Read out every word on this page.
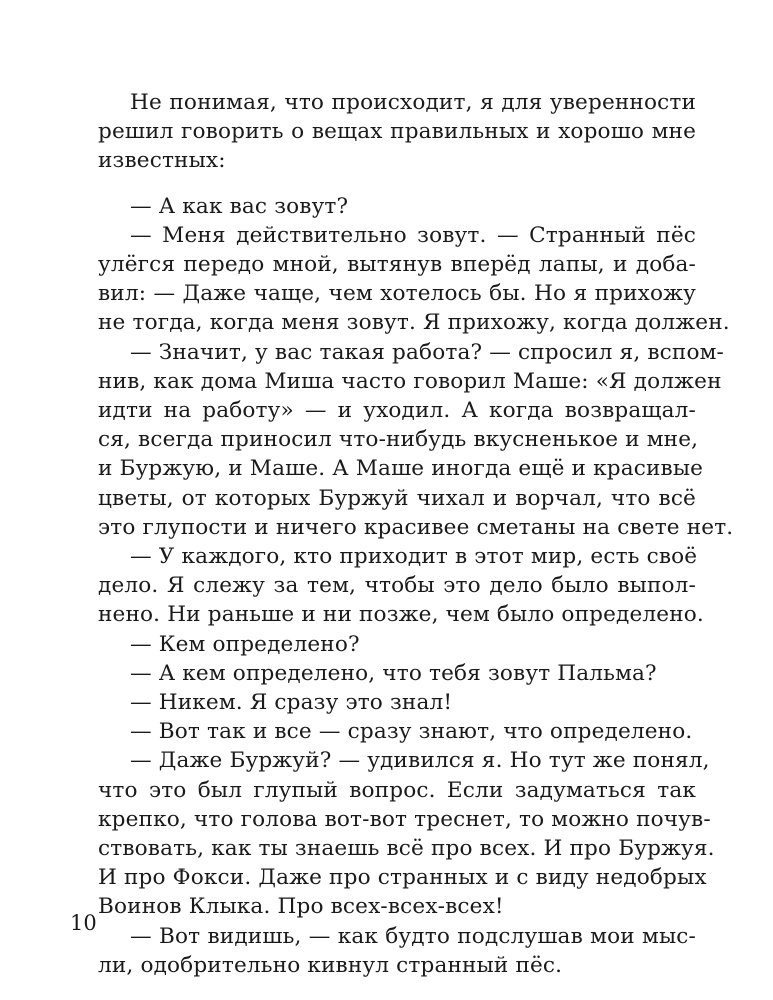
Не понимая, что происходит, я для уверенности
решил говорить о вещах правильных и хорошо мне
известных:

— А как вас зовут?

— Меня действительно зовут. — Странный пёс
улёгся передо мной, вытянув вперёд лапы, и доба-
вил: — Даже чаще, чем хотелось бы. Но я прихожу
не тогда, когда меня зовут. Я прихожу, когда должен.

— Значит, у вас такая работа? — спросил я, вспом-
нив, как дома Миша часто говорил Маше: «Я должен
идти на работу» — и уходил. А когда возвращал-
ся, всегда приносил что-нибудь вкусненькое и мне,
и Буржую, и Маше. А Маше иногда ещё и красивые
цветы, от которых Буржуй чихал и ворчал, что всё
это глупости и ничего красивее сметаны на свете нет.

— У каждого, кто приходит в этот мир, есть своё
дело. Я слежу за тем, чтобы это дело было выпол-
нено. Ни раньше и ни позже, чем было определено.

— Кем определено?

— А кем определено, что тебя зовут Пальма?

— Никем. Я сразу это знал!

— Вот так и все — сразу знают, что определено.

— Даже Буржуй? — удивился я. Но тут же понял,
что это был глупый вопрос. Если задуматься так
крепко, что голова вот-вот треснет, то можно почув-
ствовать, как ты знаешь всё про всех. И про Буржуя.
И про Фокси. Даже про странных и с виду недобрых
Воинов Клыка. Про всех-всех-всех!

— Вот видишь, — как будто подслушав мои мыс-
ли, одобрительно кивнул странный пёс.

10
